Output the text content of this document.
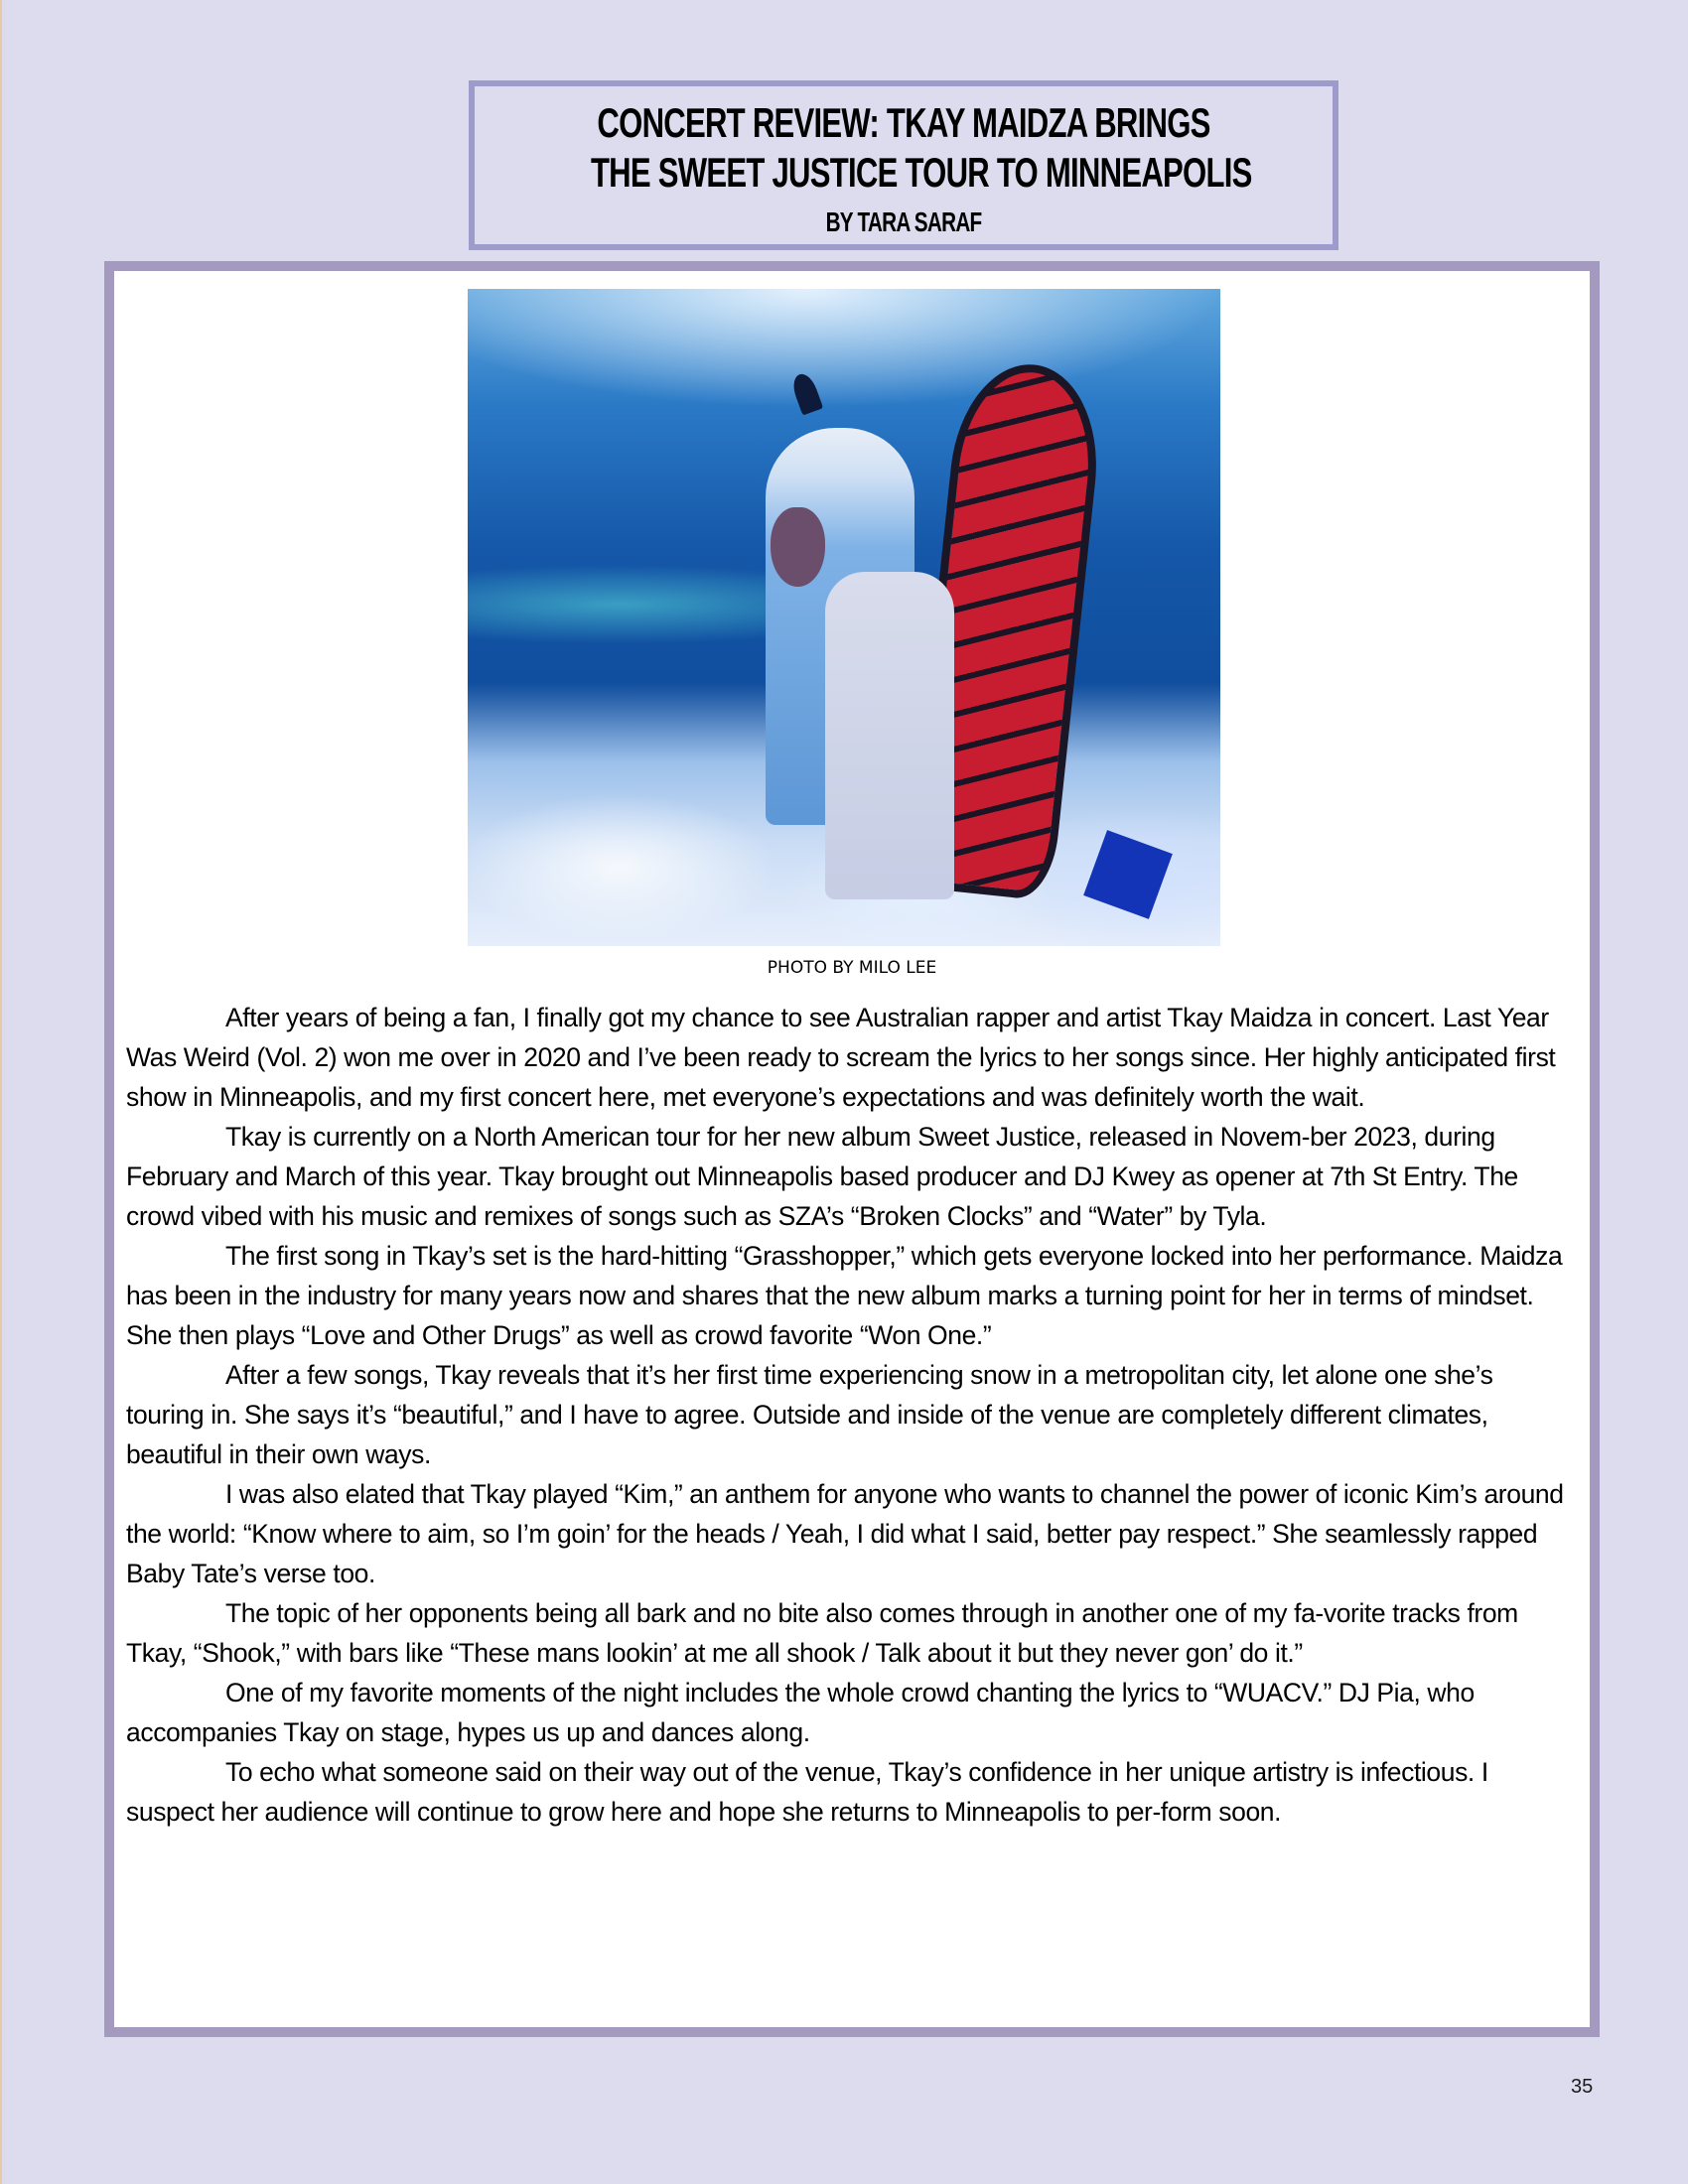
CONCERT REVIEW: TKAY MAIDZA BRINGS
THE SWEET JUSTICE TOUR TO MINNEAPOLIS
BY TARA SARAF
PHOTO BY MILO LEE

After years of being a fan, I finally got my chance to see Australian rapper and artist Tkay Maidza in concert. Last Year Was Weird (Vol. 2) won me over in 2020 and I’ve been ready to scream the lyrics to her songs since. Her highly anticipated first show in Minneapolis, and my first concert here, met everyone’s expectations and was definitely worth the wait.

Tkay is currently on a North American tour for her new album Sweet Justice, released in Novem-ber 2023, during February and March of this year. Tkay brought out Minneapolis based producer and DJ Kwey as opener at 7th St Entry. The crowd vibed with his music and remixes of songs such as SZA’s “Broken Clocks” and “Water” by Tyla.

The first song in Tkay’s set is the hard-hitting “Grasshopper,” which gets everyone locked into her performance. Maidza has been in the industry for many years now and shares that the new album marks a turning point for her in terms of mindset. She then plays “Love and Other Drugs” as well as crowd favorite “Won One.”

After a few songs, Tkay reveals that it’s her first time experiencing snow in a metropolitan city, let alone one she’s touring in. She says it’s “beautiful,” and I have to agree. Outside and inside of the venue are completely different climates, beautiful in their own ways.

I was also elated that Tkay played “Kim,” an anthem for anyone who wants to channel the power of iconic Kim’s around the world: “Know where to aim, so I’m goin’ for the heads / Yeah, I did what I said, better pay respect.” She seamlessly rapped Baby Tate’s verse too.

The topic of her opponents being all bark and no bite also comes through in another one of my fa-vorite tracks from Tkay, “Shook,” with bars like “These mans lookin’ at me all shook / Talk about it but they never gon’ do it.”

One of my favorite moments of the night includes the whole crowd chanting the lyrics to “WUACV.” DJ Pia, who accompanies Tkay on stage, hypes us up and dances along.

To echo what someone said on their way out of the venue, Tkay’s confidence in her unique artistry is infectious. I suspect her audience will continue to grow here and hope she returns to Minneapolis to per-form soon.

35
